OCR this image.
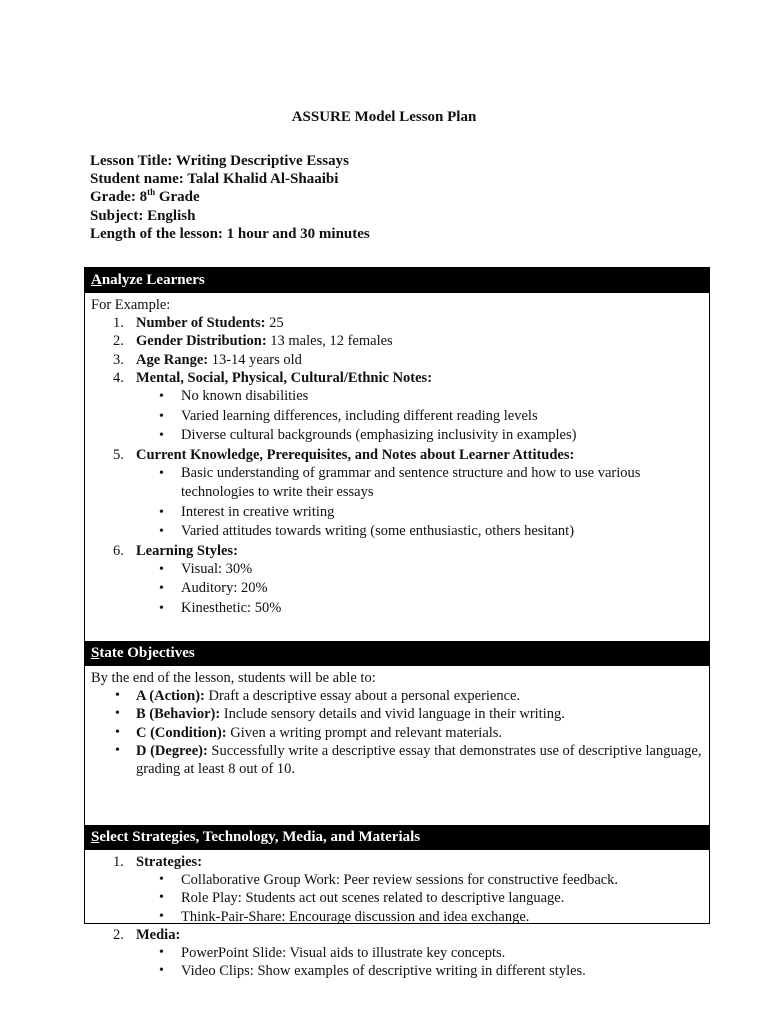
ASSURE Model Lesson Plan
Lesson Title: Writing Descriptive Essays
Student name: Talal Khalid Al-Shaaibi
Grade: 8th Grade
Subject: English
Length of the lesson: 1 hour and 30 minutes
Analyze Learners
For Example:
1. Number of Students: 25
2. Gender Distribution: 13 males, 12 females
3. Age Range: 13-14 years old
4. Mental, Social, Physical, Cultural/Ethnic Notes:
• No known disabilities
• Varied learning differences, including different reading levels
• Diverse cultural backgrounds (emphasizing inclusivity in examples)
5. Current Knowledge, Prerequisites, and Notes about Learner Attitudes:
• Basic understanding of grammar and sentence structure and how to use various technologies to write their essays
• Interest in creative writing
• Varied attitudes towards writing (some enthusiastic, others hesitant)
6. Learning Styles:
• Visual: 30%
• Auditory: 20%
• Kinesthetic: 50%
State Objectives
By the end of the lesson, students will be able to:
• A (Action): Draft a descriptive essay about a personal experience.
• B (Behavior): Include sensory details and vivid language in their writing.
• C (Condition): Given a writing prompt and relevant materials.
• D (Degree): Successfully write a descriptive essay that demonstrates use of descriptive language, grading at least 8 out of 10.
Select Strategies, Technology, Media, and Materials
1. Strategies:
• Collaborative Group Work: Peer review sessions for constructive feedback.
• Role Play: Students act out scenes related to descriptive language.
• Think-Pair-Share: Encourage discussion and idea exchange.
2. Media:
• PowerPoint Slide: Visual aids to illustrate key concepts.
• Video Clips: Show examples of descriptive writing in different styles.
